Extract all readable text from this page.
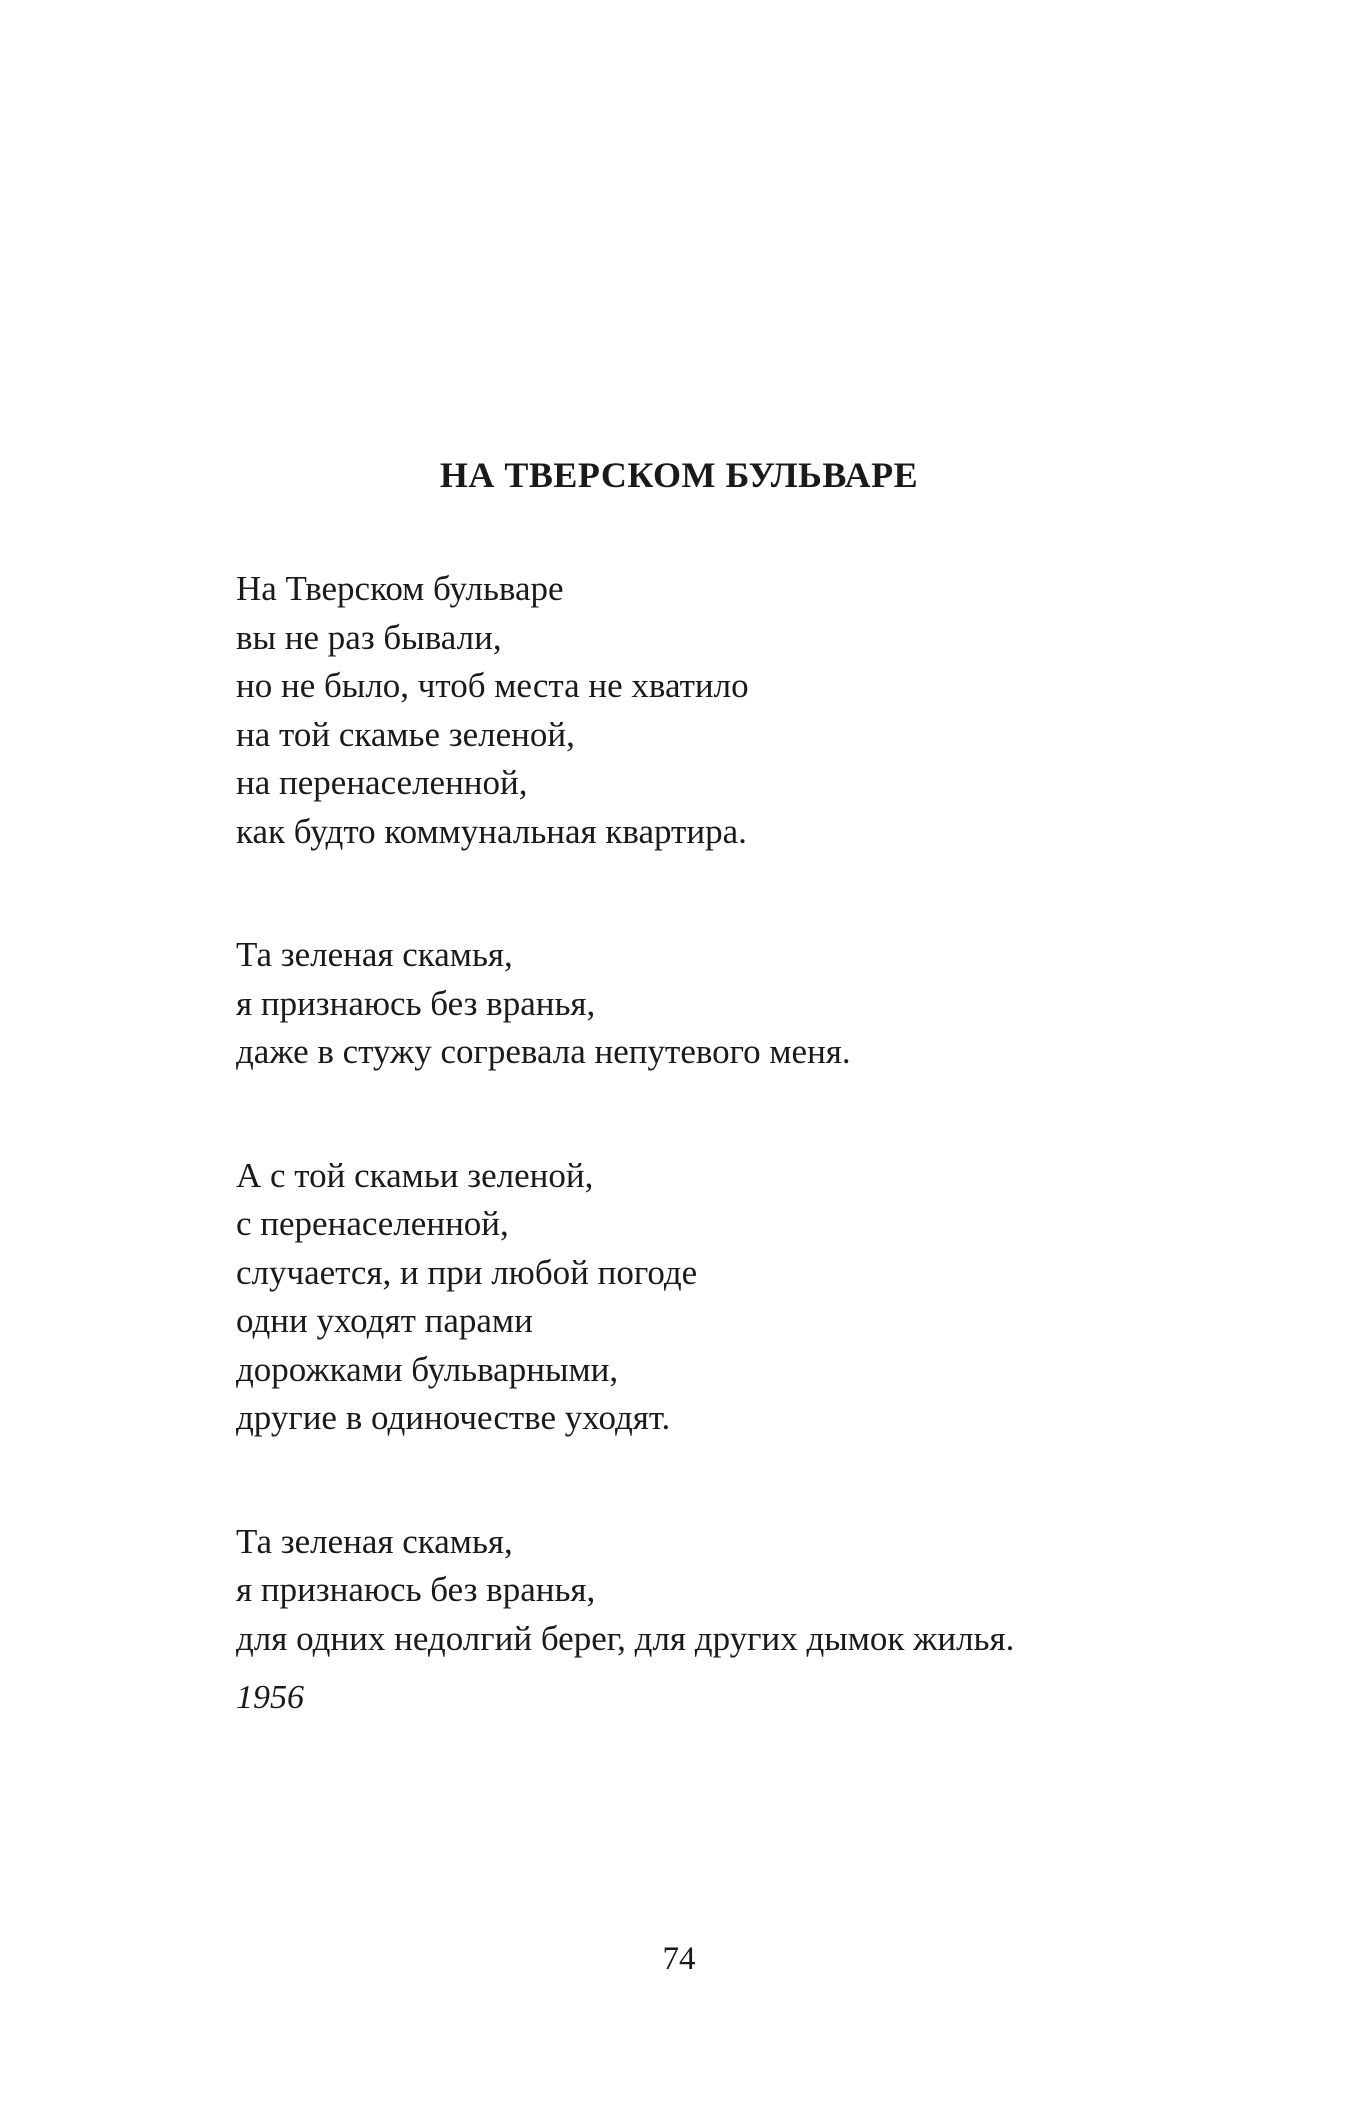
НА ТВЕРСКОМ БУЛЬВАРЕ
На Тверском бульваре
вы не раз бывали,
но не было, чтоб места не хватило
на той скамье зеленой,
на перенаселенной,
как будто коммунальная квартира.
Та зеленая скамья,
я признаюсь без вранья,
даже в стужу согревала непутевого меня.
А с той скамьи зеленой,
с перенаселенной,
случается, и при любой погоде
одни уходят парами
дорожками бульварными,
другие в одиночестве уходят.
Та зеленая скамья,
я признаюсь без вранья,
для одних недолгий берег, для других дымок жилья.
1956
74
